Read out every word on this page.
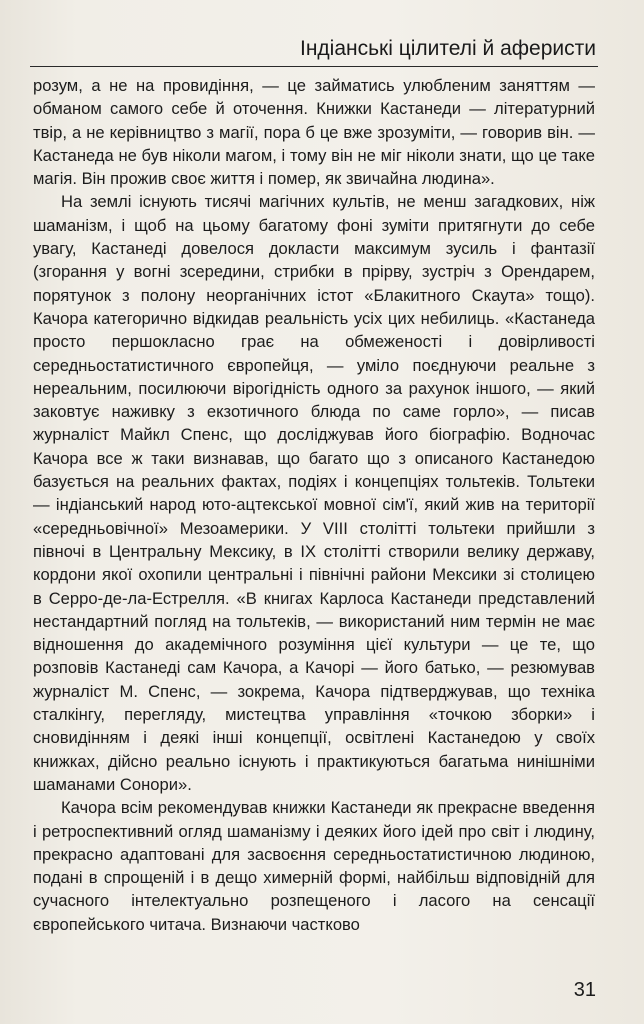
Індіанські цілителі й аферисти

розум, а не на провидіння, — це займатись улюбленим заняттям — обманом самого себе й оточення. Книжки Кастанеди — літературний твір, а не керівництво з магії, пора б це вже зрозуміти, — говорив він. — Кастанеда не був ніколи магом, і тому він не міг ніколи знати, що це таке магія. Він прожив своє життя і помер, як звичайна людина».

На землі існують тисячі магічних культів, не менш загадкових, ніж шаманізм, і щоб на цьому багатому фоні зуміти притягнути до себе увагу, Кастанеді довелося докласти максимум зусиль і фантазії (згорання у вогні зсередини, стрибки в прірву, зустріч з Орендарем, порятунок з полону неорганічних істот «Блакитного Скаута» тощо). Качора категорично відкидав реальність усіх цих небилиць. «Кастанеда просто першокласно грає на обмеженості і довірливості середньостатистичного європейця, — уміло поєднуючи реальне з нереальним, посилюючи вірогідність одного за рахунок іншого, — який заковтує наживку з екзотичного блюда по саме горло», — писав журналіст Майкл Спенс, що досліджував його біографію. Водночас Качора все ж таки визнавав, що багато що з описаного Кастанедою базується на реальних фактах, подіях і концепціях тольтеків. Тольтеки — індіанський народ юто-ацтекської мовної сім'ї, який жив на території «середньовічної» Мезоамерики. У VIII столітті тольтеки прийшли з півночі в Центральну Мексику, в IX столітті створили велику державу, кордони якої охопили центральні і північні райони Мексики зі столицею в Серро-де-ла-Естрелля. «В книгах Карлоса Кастанеди представлений нестандартний погляд на тольтеків, — використаний ним термін не має відношення до академічного розуміння цієї культури — це те, що розповів Кастанеді сам Качора, а Качорі — його батько, — резюмував журналіст М. Спенс, — зокрема, Качора підтверджував, що техніка сталкінгу, перегляду, мистецтва управління «точкою зборки» і сновидінням і деякі інші концепції, освітлені Кастанедою у своїх книжках, дійсно реально існують і практикуються багатьма нинішніми шаманами Сонори».

Качора всім рекомендував книжки Кастанеди як прекрасне введення і ретроспективний огляд шаманізму і деяких його ідей про світ і людину, прекрасно адаптовані для засвоєння середньостатистичною людиною, подані в спрощеній і в дещо химерній формі, найбільш відповідній для сучасного інтелектуально розпещеного і ласого на сенсації європейського читача. Визнаючи частково

31
